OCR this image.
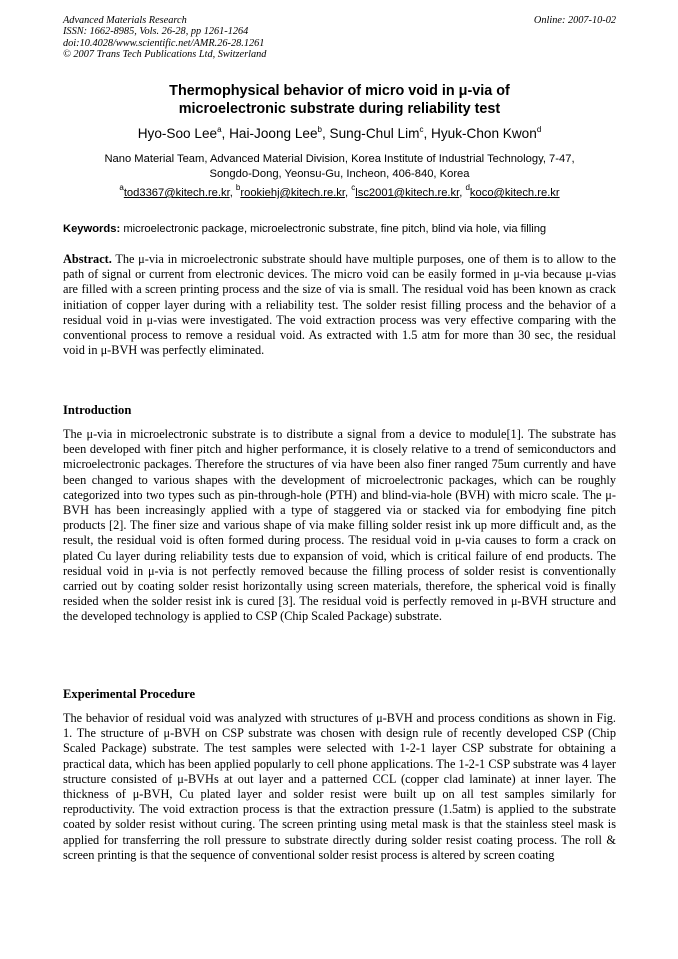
Advanced Materials Research
ISSN: 1662-8985, Vols. 26-28, pp 1261-1264
doi:10.4028/www.scientific.net/AMR.26-28.1261
© 2007 Trans Tech Publications Ltd, Switzerland
Online: 2007-10-02
Thermophysical behavior of micro void in μ-via of
microelectronic substrate during reliability test
Hyo-Soo Lee$^a$, Hai-Joong Lee$^b$, Sung-Chul Lim$^c$, Hyuk-Chon Kwon$^d$
Nano Material Team, Advanced Material Division, Korea Institute of Industrial Technology, 7-47,
Songdo-Dong, Yeonsu-Gu, Incheon, 406-840, Korea
$^a$tod3367@kitech.re.kr, $^b$rookiehj@kitech.re.kr, $^c$lsc2001@kitech.re.kr, $^d$koco@kitech.re.kr
Keywords: microelectronic package, microelectronic substrate, fine pitch, blind via hole, via filling
Abstract. The μ-via in microelectronic substrate should have multiple purposes, one of them is to allow to the path of signal or current from electronic devices. The micro void can be easily formed in μ-via because μ-vias are filled with a screen printing process and the size of via is small. The residual void has been known as crack initiation of copper layer during with a reliability test. The solder resist filling process and the behavior of a residual void in μ-vias were investigated. The void extraction process was very effective comparing with the conventional process to remove a residual void. As extracted with 1.5 atm for more than 30 sec, the residual void in μ-BVH was perfectly eliminated.
Introduction
The μ-via in microelectronic substrate is to distribute a signal from a device to module[1]. The substrate has been developed with finer pitch and higher performance, it is closely relative to a trend of semiconductors and microelectronic packages. Therefore the structures of via have been also finer ranged 75um currently and have been changed to various shapes with the development of microelectronic packages, which can be roughly categorized into two types such as pin-through-hole (PTH) and blind-via-hole (BVH) with micro scale. The μ-BVH has been increasingly applied with a type of staggered via or stacked via for embodying fine pitch products [2]. The finer size and various shape of via make filling solder resist ink up more difficult and, as the result, the residual void is often formed during process. The residual void in μ-via causes to form a crack on plated Cu layer during reliability tests due to expansion of void, which is critical failure of end products. The residual void in μ-via is not perfectly removed because the filling process of solder resist is conventionally carried out by coating solder resist horizontally using screen materials, therefore, the spherical void is finally resided when the solder resist ink is cured [3]. The residual void is perfectly removed in μ-BVH structure and the developed technology is applied to CSP (Chip Scaled Package) substrate.
Experimental Procedure
The behavior of residual void was analyzed with structures of μ-BVH and process conditions as shown in Fig. 1. The structure of μ-BVH on CSP substrate was chosen with design rule of recently developed CSP (Chip Scaled Package) substrate. The test samples were selected with 1-2-1 layer CSP substrate for obtaining a practical data, which has been applied popularly to cell phone applications. The 1-2-1 CSP substrate was 4 layer structure consisted of μ-BVHs at out layer and a patterned CCL (copper clad laminate) at inner layer. The thickness of μ-BVH, Cu plated layer and solder resist were built up on all test samples similarly for reproductivity. The void extraction process is that the extraction pressure (1.5atm) is applied to the substrate coated by solder resist without curing. The screen printing using metal mask is that the stainless steel mask is applied for transferring the roll pressure to substrate directly during solder resist coating process. The roll & screen printing is that the sequence of conventional solder resist process is altered by screen coating
